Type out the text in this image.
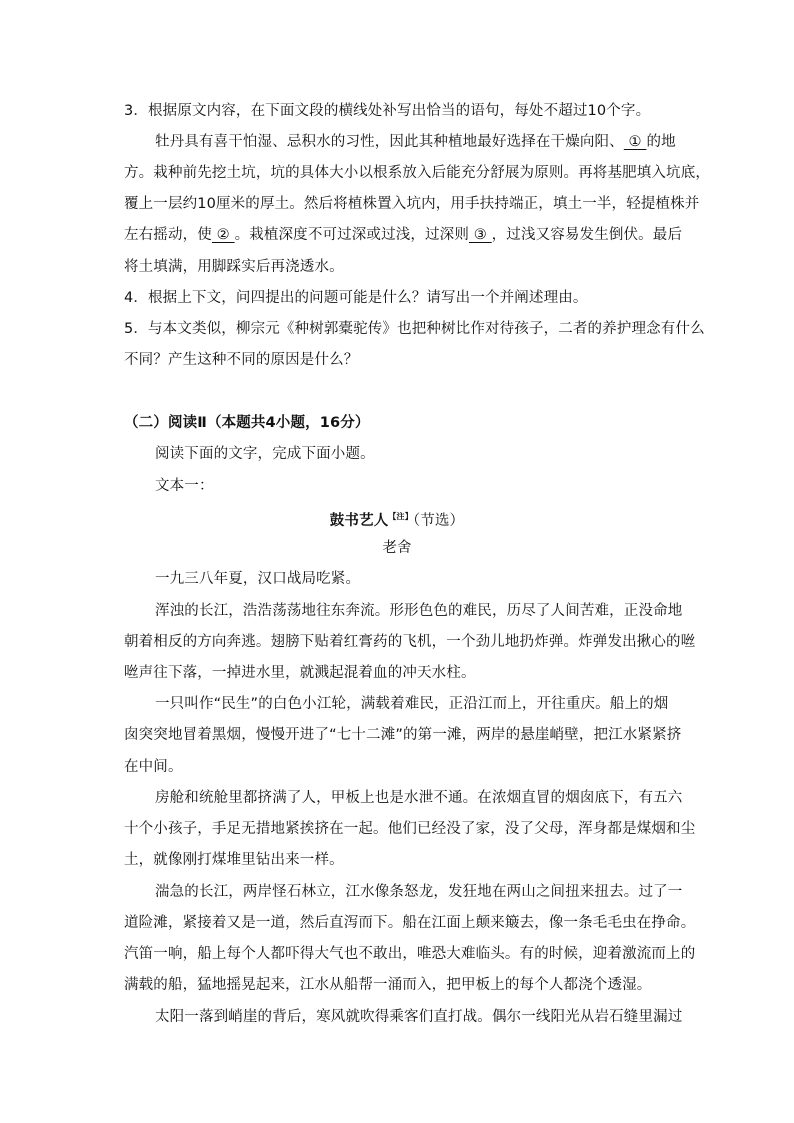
3．根据原文内容，在下面文段的横线处补写出恰当的语句，每处不超过10个字。
牡丹具有喜干怕湿、忌积水的习性，因此其种植地最好选择在干燥向阳、 ① 的地
方。栽种前先挖土坑，坑的具体大小以根系放入后能充分舒展为原则。再将基肥填入坑底，
覆上一层约10厘米的厚土。然后将植株置入坑内，用手扶持端正，填土一半，轻提植株并
左右摇动，使 ② 。栽植深度不可过深或过浅，过深则 ③ ，过浅又容易发生倒伏。最后
将土填满，用脚踩实后再浇透水。
4．根据上下文，问四提出的问题可能是什么？请写出一个并阐述理由。
5．与本文类似，柳宗元《种树郭橐驼传》也把种树比作对待孩子，二者的养护理念有什么
不同？产生这种不同的原因是什么？
（二）阅读Ⅱ（本题共4小题，16分）
阅读下面的文字，完成下面小题。
文本一：
鼓书艺人$^{【注】}$（节选）
老舍
一九三八年夏，汉口战局吃紧。
浑浊的长江，浩浩荡荡地往东奔流。形形色色的难民，历尽了人间苦难，正没命地
朝着相反的方向奔逃。翅膀下贴着红膏药的飞机，一个劲儿地扔炸弹。炸弹发出揪心的咝
咝声往下落，一掉进水里，就溅起混着血的冲天水柱。
一只叫作“民生”的白色小江轮，满载着难民，正沿江而上，开往重庆。船上的烟
囱突突地冒着黑烟，慢慢开进了“七十二滩”的第一滩，两岸的悬崖峭壁，把江水紧紧挤
在中间。
房舱和统舱里都挤满了人，甲板上也是水泄不通。在浓烟直冒的烟囱底下，有五六
十个小孩子，手足无措地紧挨挤在一起。他们已经没了家，没了父母，浑身都是煤烟和尘
土，就像刚打煤堆里钻出来一样。
湍急的长江，两岸怪石林立，江水像条怒龙，发狂地在两山之间扭来扭去。过了一
道险滩，紧接着又是一道，然后直泻而下。船在江面上颠来簸去，像一条毛毛虫在挣命。
汽笛一响，船上每个人都吓得大气也不敢出，唯恐大难临头。有的时候，迎着激流而上的
满载的船，猛地摇晃起来，江水从船帮一涌而入，把甲板上的每个人都浇个透湿。
太阳一落到峭崖的背后，寒风就吹得乘客们直打战。偶尔一线阳光从岩石缝里漏过
